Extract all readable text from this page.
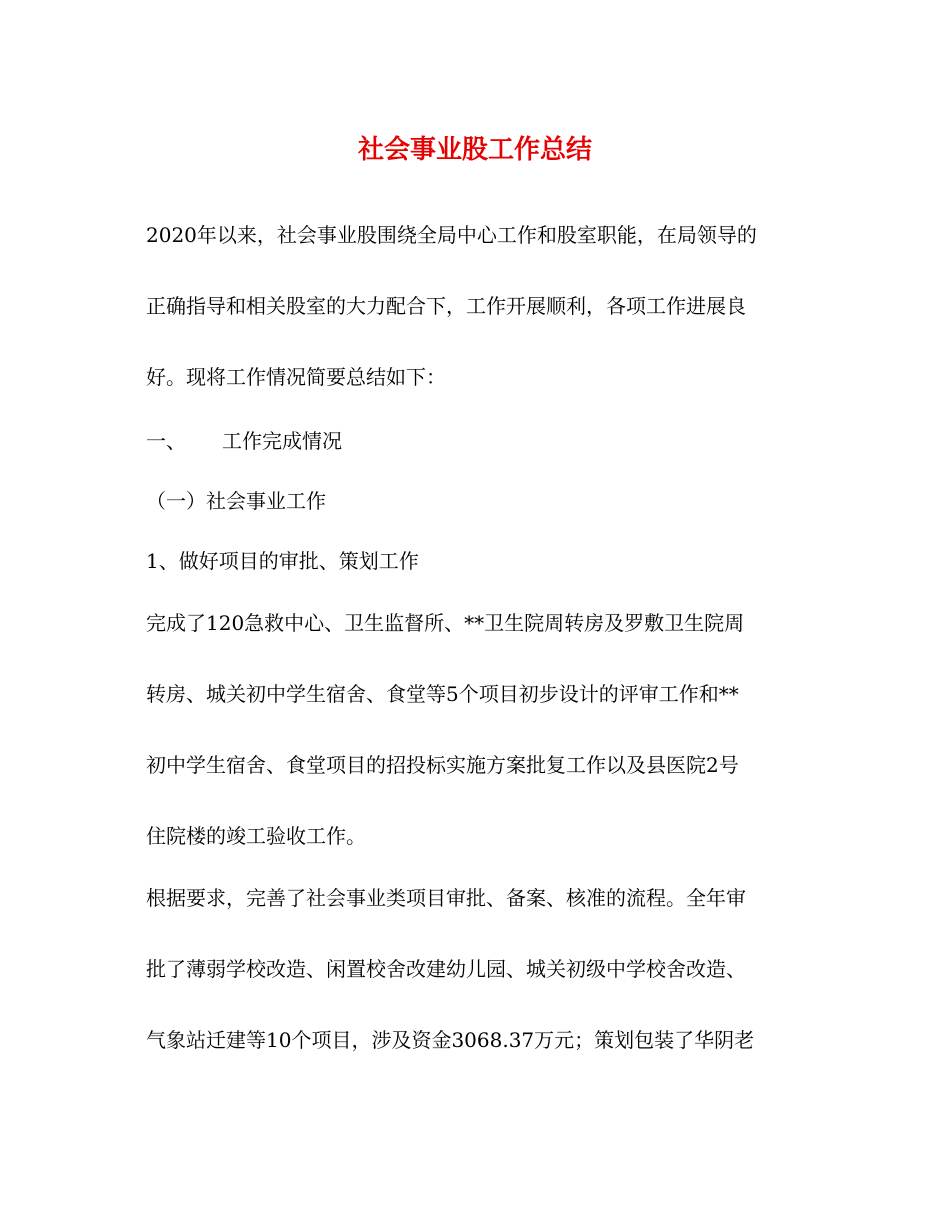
社会事业股工作总结

2020年以来，社会事业股围绕全局中心工作和股室职能，在局领导的

正确指导和相关股室的大力配合下，工作开展顺利，各项工作进展良

好。现将工作情况简要总结如下：

一、 工作完成情况

（一）社会事业工作

1、做好项目的审批、策划工作

完成了120急救中心、卫生监督所、**卫生院周转房及罗敷卫生院周

转房、城关初中学生宿舍、食堂等5个项目初步设计的评审工作和**

初中学生宿舍、食堂项目的招投标实施方案批复工作以及县医院2号

住院楼的竣工验收工作。

根据要求，完善了社会事业类项目审批、备案、核准的流程。全年审

批了薄弱学校改造、闲置校舍改建幼儿园、城关初级中学校舍改造、

气象站迁建等10个项目，涉及资金3068.37万元；策划包装了华阴老
